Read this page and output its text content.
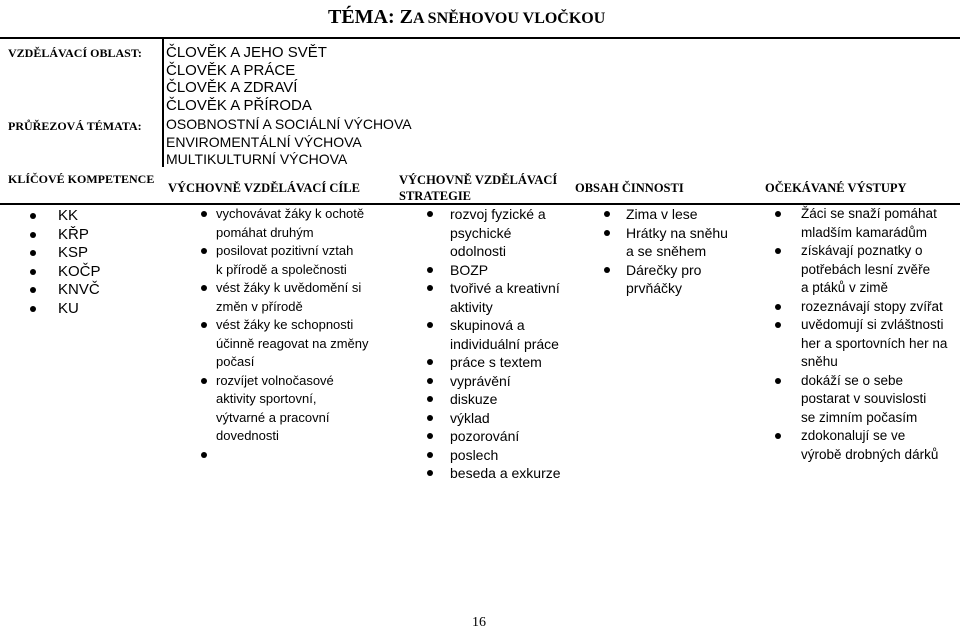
TÉMA: ZA SNĚHOVOU VLOČKOU
VZDĚLÁVACÍ OBLAST:
PRŮŘEZOVÁ TÉMATA:
KLÍČOVÉ KOMPETENCE
ČLOVĚK A JEHO SVĚT
ČLOVĚK A PRÁCE
ČLOVĚK A ZDRAVÍ
ČLOVĚK A PŘÍRODA
OSOBNOSTNÍ A SOCIÁLNÍ VÝCHOVA
ENVIROMENTÁLNÍ VÝCHOVA
MULTIKULTURNÍ VÝCHOVA
VÝCHOVNĚ VZDĚLÁVACÍ CÍLE
VÝCHOVNĚ VZDĚLÁVACÍ
STRATEGIE
OBSAH ČINNOSTI	OČEKÁVANÉ VÝSTUPY
KK
KŘP
KSP
KOČP
KNVČ
KU
vychovávat žáky k ochotě
pomáhat druhým
posilovat pozitivní vztah
k přírodě a společnosti
vést žáky k uvědomění si
změn v přírodě
vést žáky ke schopnosti
účinně reagovat na změny
počasí
rozvíjet volnočasové
aktivity sportovní,
výtvarné a pracovní
dovednosti
rozvoj fyzické a
psychické
odolnosti
BOZP
tvořivé a kreativní
aktivity
skupinová a
individuální práce
práce s textem
vyprávění
diskuze
výklad
pozorování
poslech
beseda a exkurze
Zima v lese
Hrátky na sněhu
a se sněhem
Dárečky pro
prvňáčky
Žáci se snaží pomáhat
mladším kamarádům
získávají poznatky o
potřebách lesní zvěře
a ptáků v zimě
rozeznávají stopy zvířat
uvědomují si zvláštnosti
her a sportovních her na
sněhu
dokáží se o sebe
postarat v souvislosti
se zimním počasím
zdokonalují se ve
výrobě drobných dárků
16
